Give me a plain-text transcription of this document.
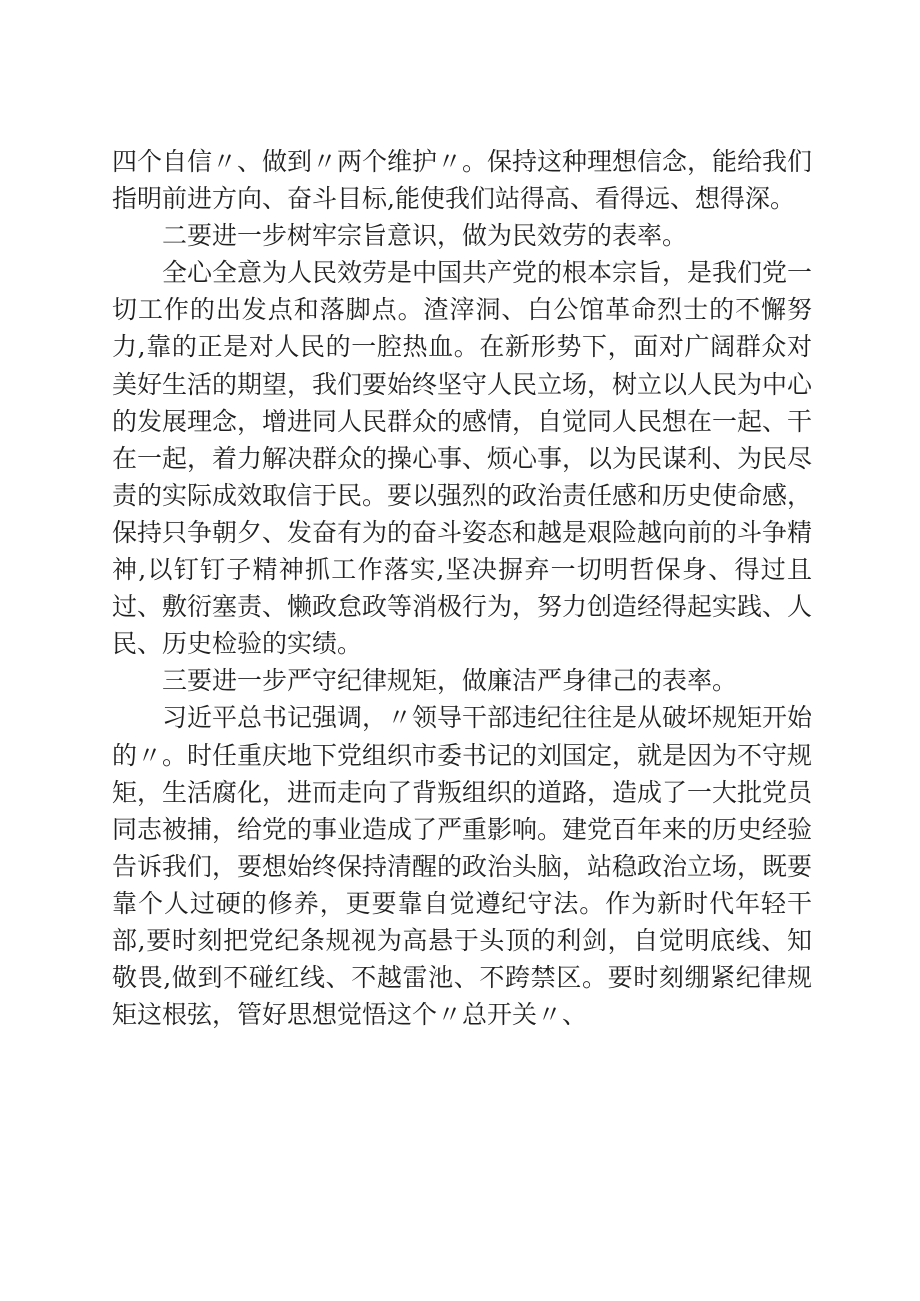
四个自信〃、做到〃两个维护〃。保持这种理想信念，能给我们指明前进方向、奋斗目标,能使我们站得高、看得远、想得深。

二要进一步树牢宗旨意识，做为民效劳的表率。

全心全意为人民效劳是中国共产党的根本宗旨，是我们党一切工作的出发点和落脚点。渣滓洞、白公馆革命烈士的不懈努力,靠的正是对人民的一腔热血。在新形势下，面对广阔群众对美好生活的期望，我们要始终坚守人民立场，树立以人民为中心的发展理念，增进同人民群众的感情，自觉同人民想在一起、干在一起，着力解决群众的操心事、烦心事，以为民谋利、为民尽责的实际成效取信于民。要以强烈的政治责任感和历史使命感，保持只争朝夕、发奋有为的奋斗姿态和越是艰险越向前的斗争精神,以钉钉子精神抓工作落实,坚决摒弃一切明哲保身、得过且过、敷衍塞责、懒政怠政等消极行为，努力创造经得起实践、人民、历史检验的实绩。

三要进一步严守纪律规矩，做廉洁严身律己的表率。

习近平总书记强调，〃领导干部违纪往往是从破坏规矩开始的〃。时任重庆地下党组织市委书记的刘国定，就是因为不守规矩，生活腐化，进而走向了背叛组织的道路，造成了一大批党员同志被捕，给党的事业造成了严重影响。建党百年来的历史经验告诉我们，要想始终保持清醒的政治头脑，站稳政治立场，既要靠个人过硬的修养，更要靠自觉遵纪守法。作为新时代年轻干部,要时刻把党纪条规视为高悬于头顶的利剑，自觉明底线、知敬畏,做到不碰红线、不越雷池、不跨禁区。要时刻绷紧纪律规矩这根弦，管好思想觉悟这个〃总开关〃、
